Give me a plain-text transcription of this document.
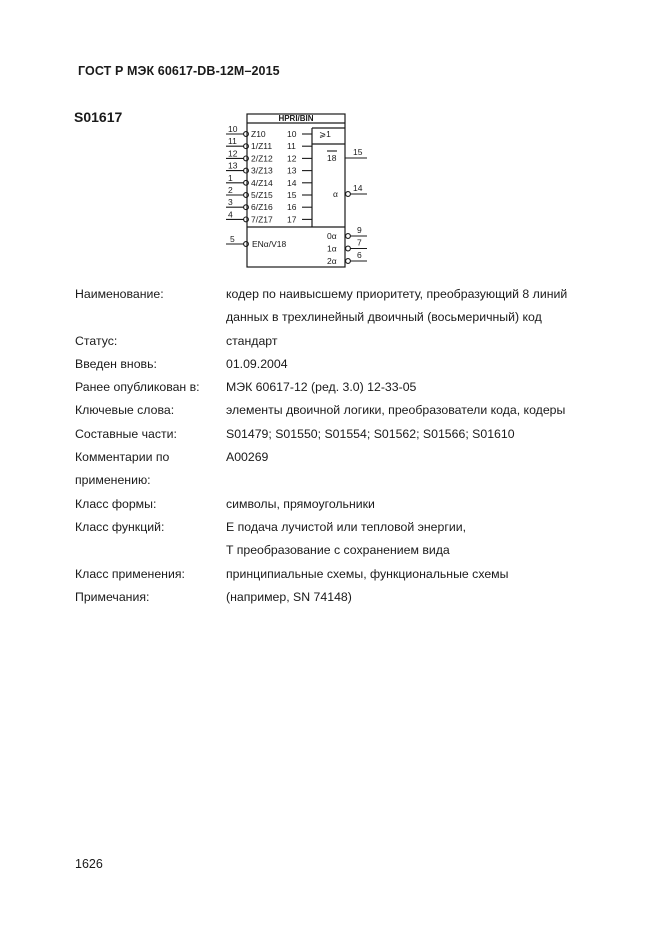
ГОСТ Р МЭК 60617-DB-12M–2015
S01617	HPRI/BIN
⩾1
10 Z10	10
11 1/Z11 11
12 2/Z12 12
13 3/Z13 13
1 4/Z14 14
2 5/Z15 15
3 6/Z16 16
4 7/Z17 17
5 ENα/V18
18
15
α
14
0α
9
1α
7
2α
6
Наименование:	кодер по наивысшему приоритету, преобразующий 8 линий
данных в трехлинейный двоичный (восьмеричный) код
Статус:	стандарт
Введен вновь:	01.09.2004
Ранее опубликован в:	МЭК 60617-12 (ред. 3.0) 12-33-05
Ключевые слова:	элементы двоичной логики, преобразователи кода, кодеры
Составные части:	S01479; S01550; S01554; S01562; S01566; S01610
Комментарии по
применению:
A00269
Класс формы:	символы, прямоугольники
Класс функций:	E подача лучистой или тепловой энергии,
T преобразование с сохранением вида
Класс применения:	принципиальные схемы, функциональные схемы
Примечания:	(например, SN 74148)
1626
